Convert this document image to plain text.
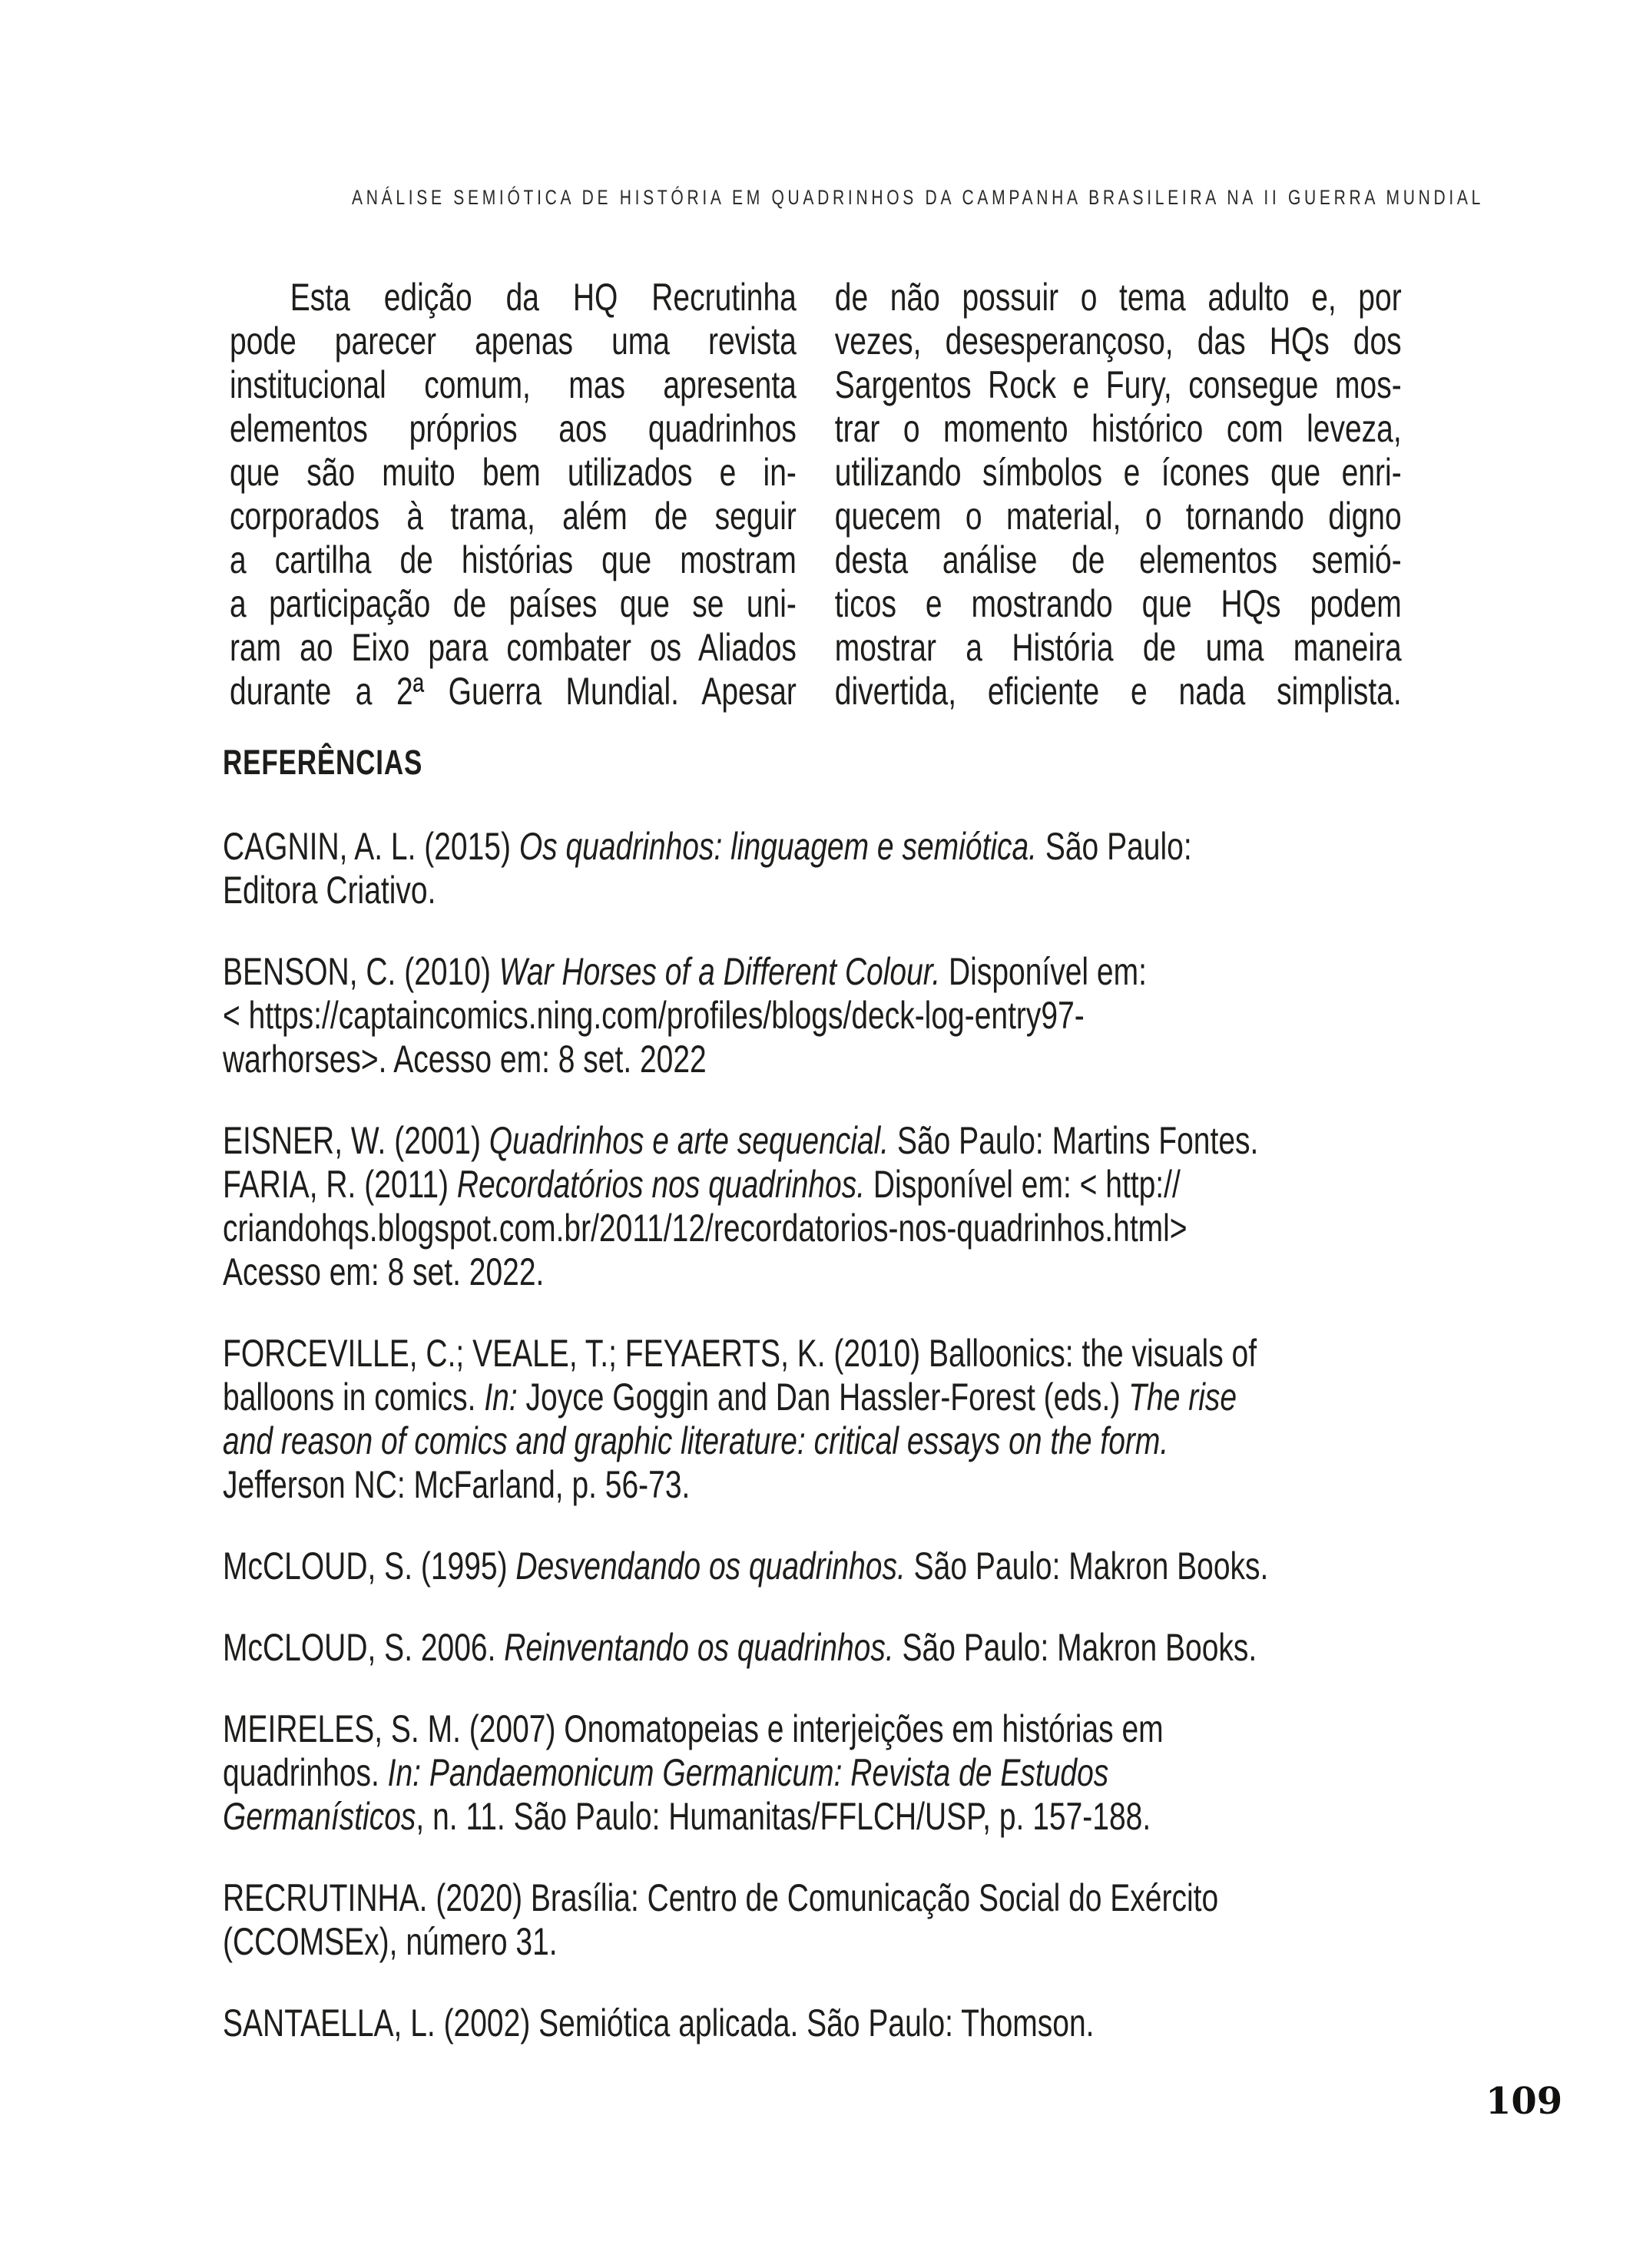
ANÁLISE SEMIÓTICA DE HISTÓRIA EM QUADRINHOS DA CAMPANHA BRASILEIRA NA II GUERRA MUNDIAL
Esta edição da HQ Recrutinha
pode parecer apenas uma revista
institucional comum, mas apresenta
elementos próprios aos quadrinhos
que são muito bem utilizados e in-
corporados à trama, além de seguir
a cartilha de histórias que mostram
a participação de países que se uni-
ram ao Eixo para combater os Aliados
durante a 2ª Guerra Mundial. Apesar
de não possuir o tema adulto e, por
vezes, desesperançoso, das HQs dos
Sargentos Rock e Fury, consegue mos-
trar o momento histórico com leveza,
utilizando símbolos e ícones que enri-
quecem o material, o tornando digno
desta análise de elementos semió-
ticos e mostrando que HQs podem
mostrar a História de uma maneira
divertida, eficiente e nada simplista.
REFERÊNCIAS
CAGNIN, A. L. (2015) Os quadrinhos: linguagem e semiótica. São Paulo:
Editora Criativo.
BENSON, C. (2010) War Horses of a Different Colour. Disponível em:
< https://captaincomics.ning.com/profiles/blogs/deck-log-entry97-
warhorses>. Acesso em: 8 set. 2022
EISNER, W. (2001) Quadrinhos e arte sequencial. São Paulo: Martins Fontes.
FARIA, R. (2011) Recordatórios nos quadrinhos. Disponível em: < http://
criandohqs.blogspot.com.br/2011/12/recordatorios-nos-quadrinhos.html>
Acesso em: 8 set. 2022.
FORCEVILLE, C.; VEALE, T.; FEYAERTS, K. (2010) Balloonics: the visuals of
balloons in comics. In: Joyce Goggin and Dan Hassler-Forest (eds.) The rise
and reason of comics and graphic literature: critical essays on the form.
Jefferson NC: McFarland, p. 56-73.
McCLOUD, S. (1995) Desvendando os quadrinhos. São Paulo: Makron Books.
McCLOUD, S. 2006. Reinventando os quadrinhos. São Paulo: Makron Books.
MEIRELES, S. M. (2007) Onomatopeias e interjeições em histórias em
quadrinhos. In: Pandaemonicum Germanicum: Revista de Estudos
Germanísticos, n. 11. São Paulo: Humanitas/FFLCH/USP, p. 157-188.
RECRUTINHA. (2020) Brasília: Centro de Comunicação Social do Exército
(CCOMSEx), número 31.
SANTAELLA, L. (2002) Semiótica aplicada. São Paulo: Thomson.
109
